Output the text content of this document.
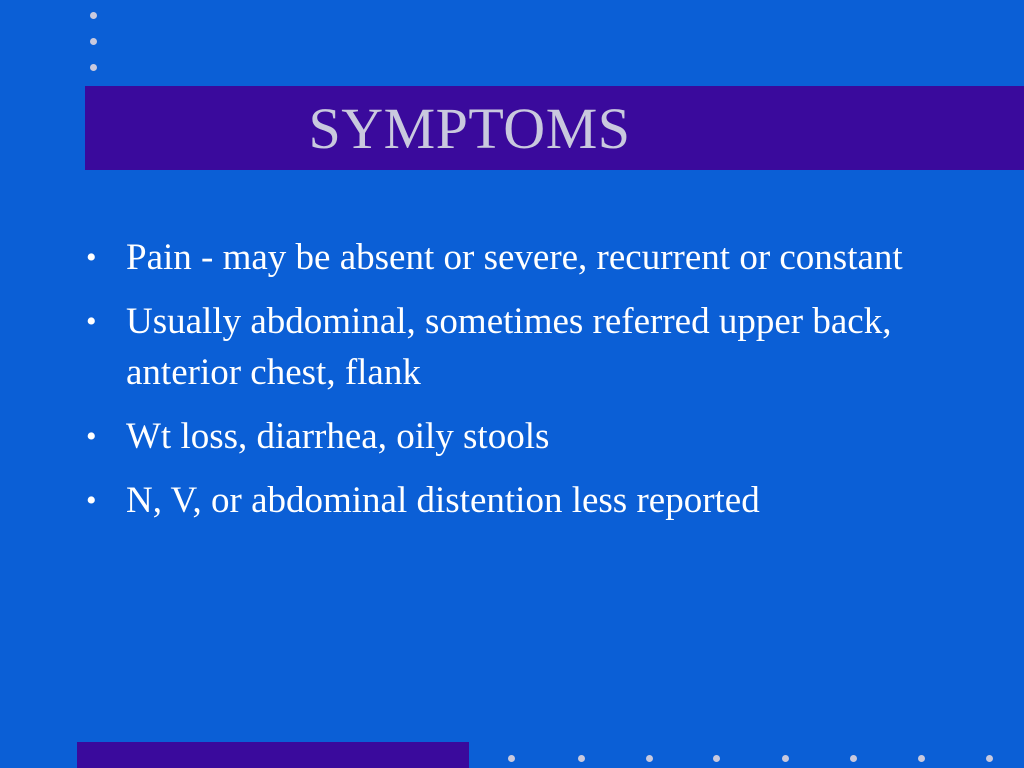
SYMPTOMS
• Pain - may be absent or severe, recurrent or constant
• Usually abdominal, sometimes referred upper back, anterior chest, flank
• Wt loss, diarrhea, oily stools
• N, V, or abdominal distention less reported
